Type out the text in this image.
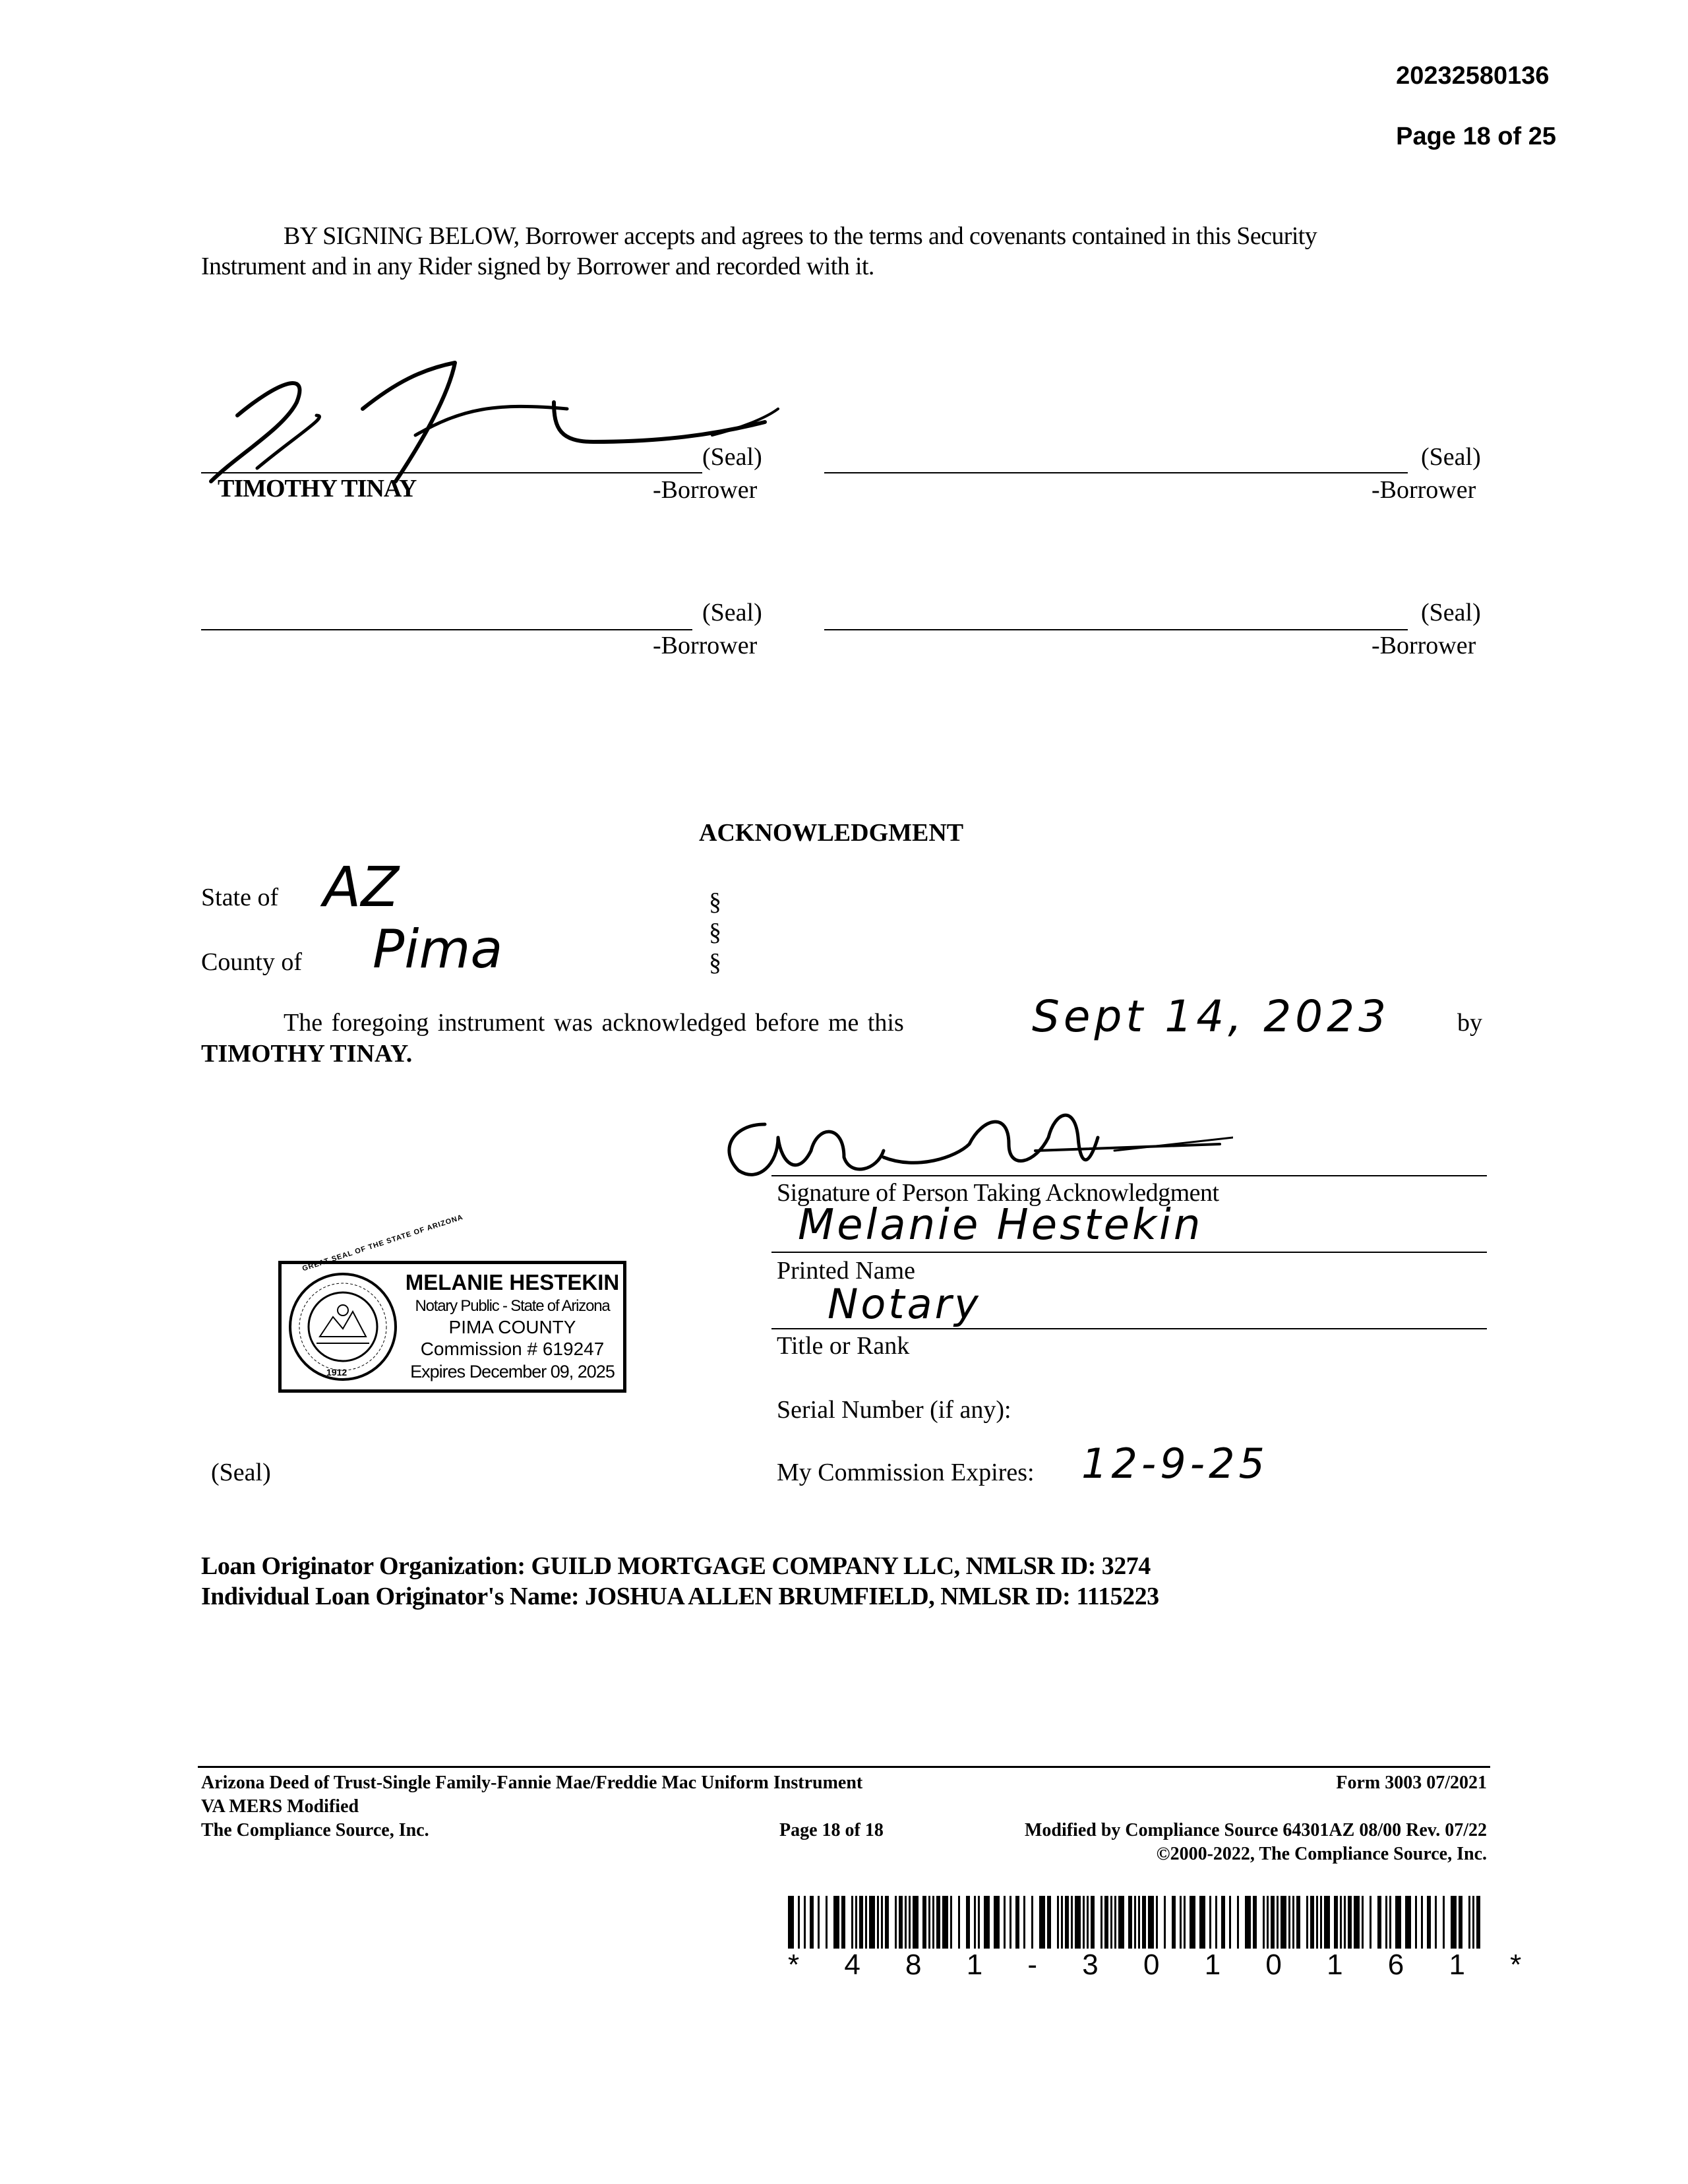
20232580136

Page 18 of 25

BY SIGNING BELOW, Borrower accepts and agrees to the terms and covenants contained in this Security
Instrument and in any Rider signed by Borrower and recorded with it.
(Seal)
TIMOTHY TINAY	-Borrower
(Seal)
-Borrower
(Seal)
-Borrower
(Seal)
-Borrower
ACKNOWLEDGMENT
State of AZ
County of Pima
§
§
§
The foregoing instrument was acknowledged before me this	Sept 14, 2023	by
TIMOTHY TINAY.
Signature of Person Taking Acknowledgment
Melanie Hestekin
Printed Name
Notary
Title or Rank
Serial Number (if any):
My Commission Expires: 12-9-25
GREAT SEAL OF THE STATE OF ARIZONA
1912
MELANIE HESTEKIN
Notary Public - State of Arizona
PIMA COUNTY
Commission # 619247
Expires December 09, 2025
(Seal)
Loan Originator Organization: GUILD MORTGAGE COMPANY LLC, NMLSR ID: 3274
Individual Loan Originator's Name: JOSHUA ALLEN BRUMFIELD, NMLSR ID: 1115223
Arizona Deed of Trust-Single Family-Fannie Mae/Freddie Mac Uniform Instrument	Form 3003 07/2021
VA MERS Modified
The Compliance Source, Inc.	Page 18 of 18	Modified by Compliance Source 64301AZ 08/00 Rev. 07/22
©2000-2022, The Compliance Source, Inc.
* 4 8 1 - 3 0 1 0 1 6 1 *
